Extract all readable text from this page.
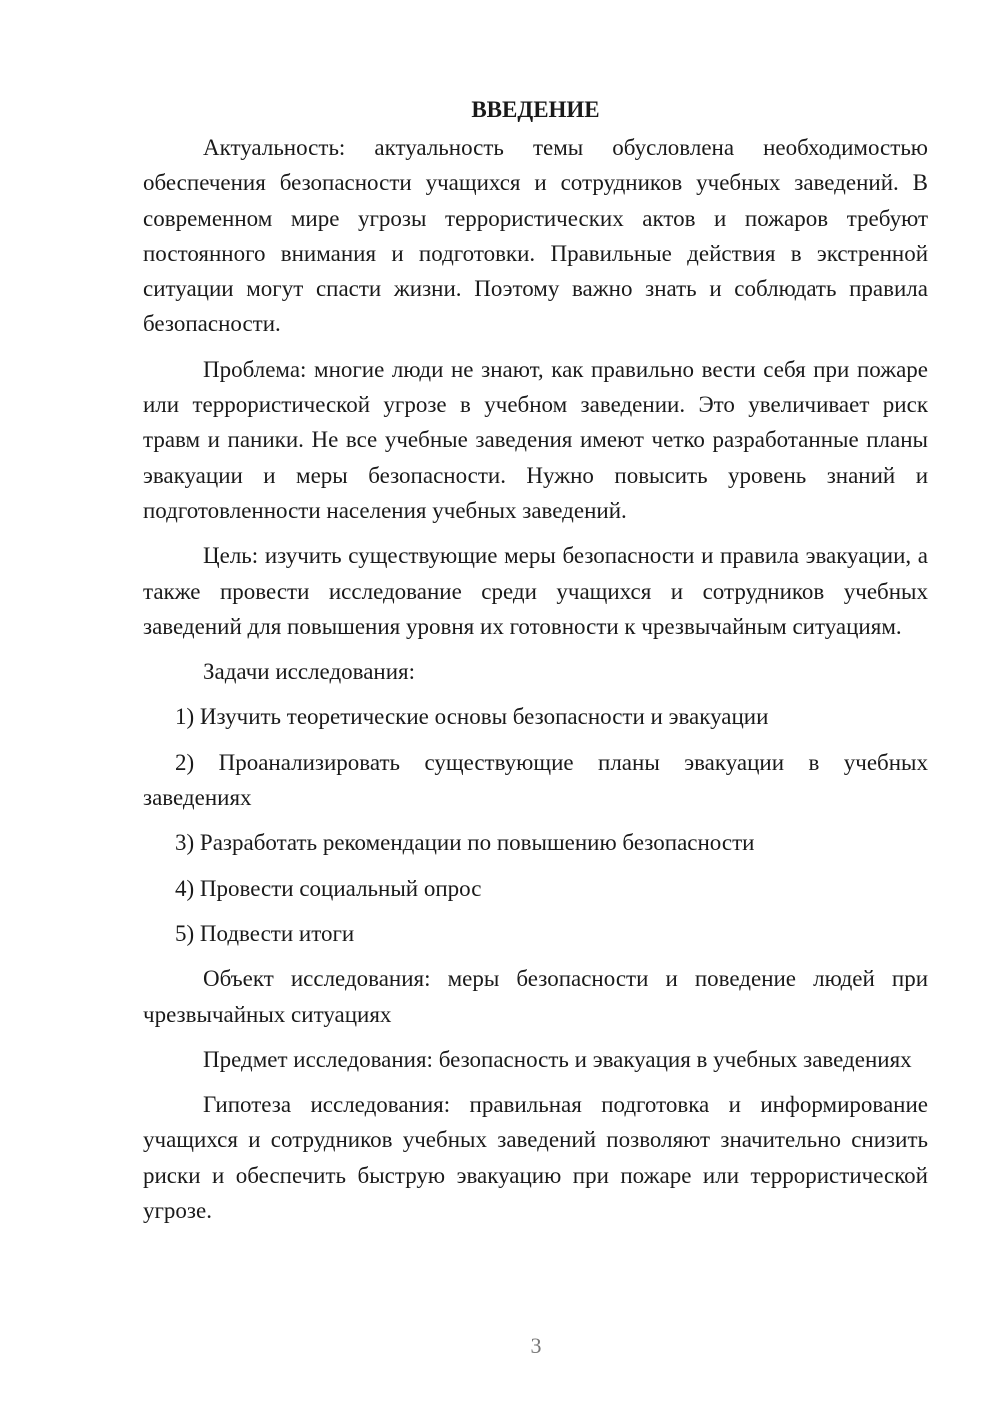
ВВЕДЕНИЕ

Актуальность: актуальность темы обусловлена необходимостью обеспечения безопасности учащихся и сотрудников учебных заведений. В современном мире угрозы террористических актов и пожаров требуют постоянного внимания и подготовки. Правильные действия в экстренной ситуации могут спасти жизни. Поэтому важно знать и соблюдать правила безопасности.

Проблема: многие люди не знают, как правильно вести себя при пожаре или террористической угрозе в учебном заведении. Это увеличивает риск травм и паники. Не все учебные заведения имеют четко разработанные планы эвакуации и меры безопасности. Нужно повысить уровень знаний и подготовленности населения учебных заведений.

Цель: изучить существующие меры безопасности и правила эвакуации, а также провести исследование среди учащихся и сотрудников учебных заведений для повышения уровня их готовности к чрезвычайным ситуациям.

Задачи исследования:

1) Изучить теоретические основы безопасности и эвакуации

2) Проанализировать существующие планы эвакуации в учебных заведениях

3) Разработать рекомендации по повышению безопасности

4) Провести социальный опрос

5) Подвести итоги

Объект исследования: меры безопасности и поведение людей при чрезвычайных ситуациях

Предмет исследования: безопасность и эвакуация в учебных заведениях

Гипотеза исследования: правильная подготовка и информирование учащихся и сотрудников учебных заведений позволяют значительно снизить риски и обеспечить быструю эвакуацию при пожаре или террористической угрозе.

3
